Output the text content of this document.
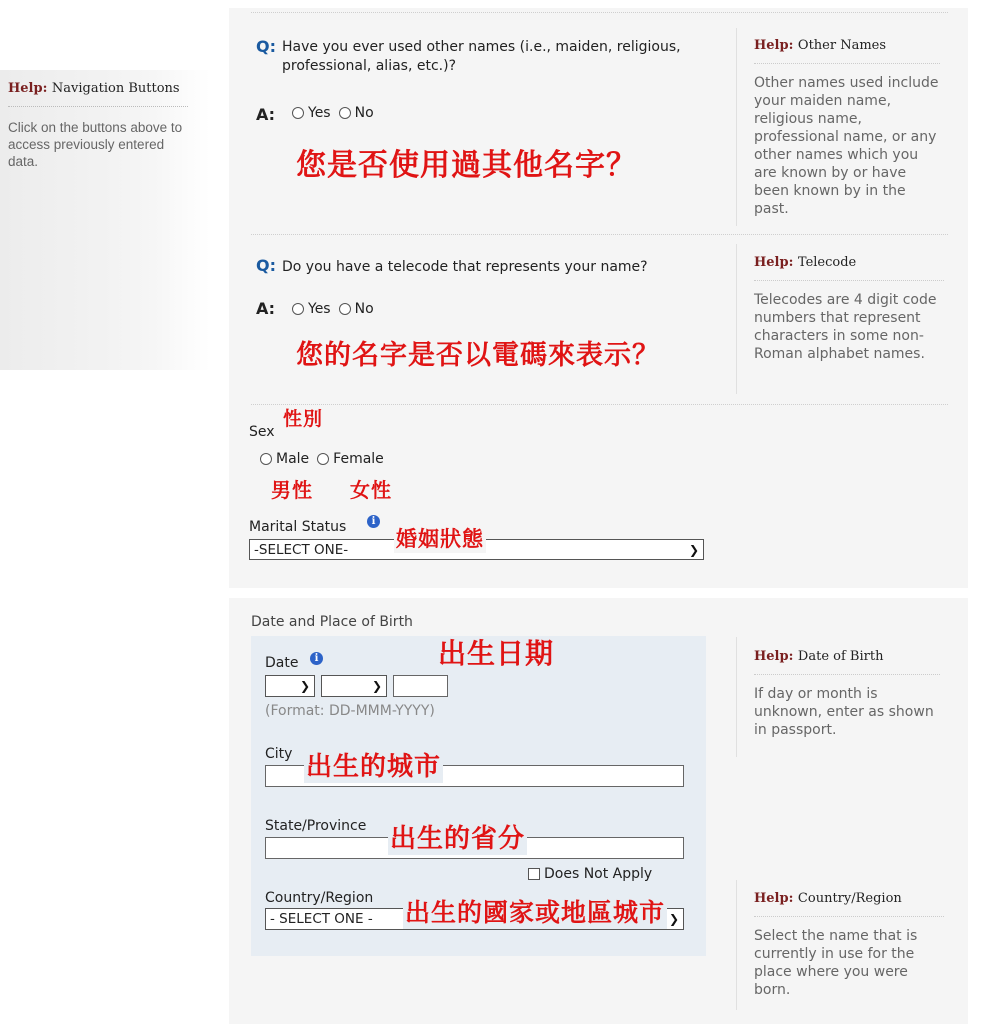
Help: Navigation Buttons
Click on the buttons above to access previously entered data.
Q: Have you ever used other names (i.e., maiden, religious, professional, alias, etc.)?
A: Yes No
您是否使用過其他名字？
Help: Other Names
Other names used include your maiden name, religious name, professional name, or any other names which you are known by or have been known by in the past.
Q: Do you have a telecode that represents your name?
A: Yes No
您的名字是否以電碼來表示？
Help: Telecode
Telecodes are 4 digit code numbers that represent characters in some non-Roman alphabet names.
Sex
性別
Male Female
男性 女性
Marital Status	i
-SELECT ONE-	❯
婚姻狀態
Date and Place of Birth
Date	i	出生日期
❯	❯
(Format: DD-MMM-YYYY)
City 出生的城市
State/Province 出生的省分
Does Not Apply
Country/Region
- SELECT ONE -	❯
出生的國家或地區城市
Help: Date of Birth
If day or month is unknown, enter as shown in passport.
Help: Country/Region
Select the name that is currently in use for the place where you were born.
